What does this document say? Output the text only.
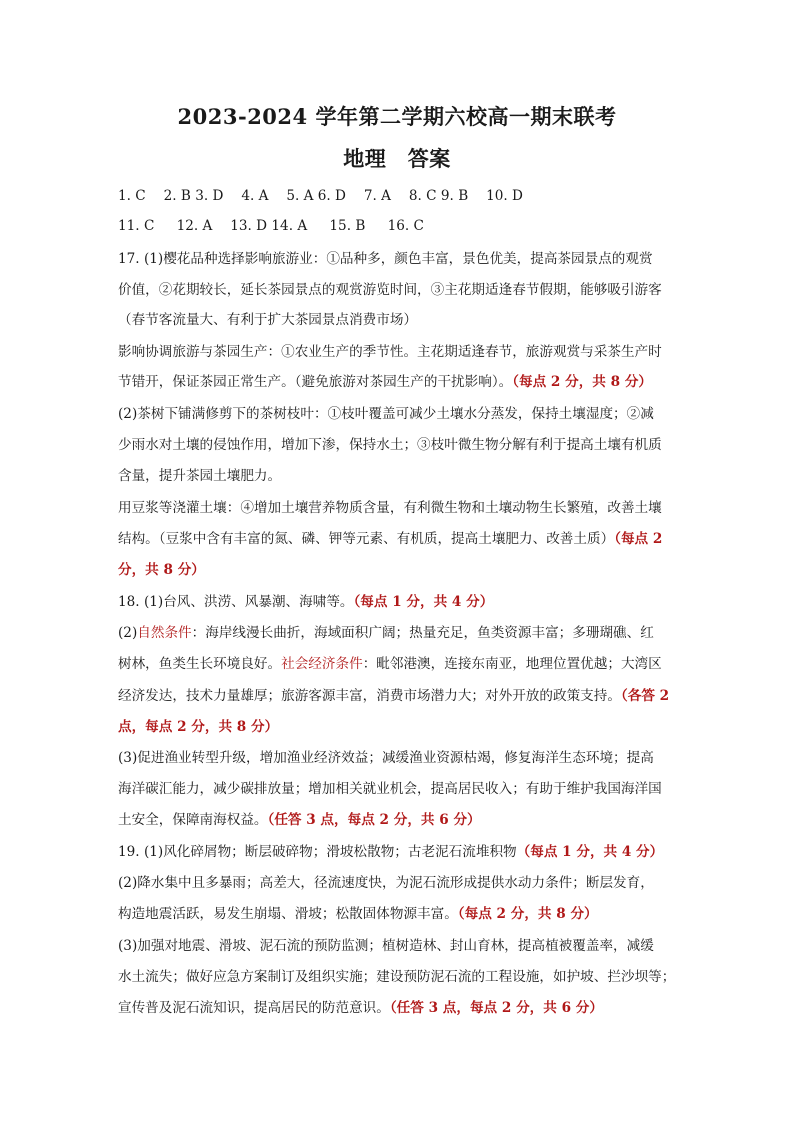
2023-2024 学年第二学期六校高一期末联考
地理　答案
1. C　 2. B 3. D 　4. A 　5. A 6. D 　7. A 　8. C 9. B 　10. D
11. C 　 12. A　 13. D 14. A 　 15. B 　 16. C
17. (1)樱花品种选择影响旅游业：①品种多，颜色丰富，景色优美，提高茶园景点的观赏
价值，②花期较长，延长茶园景点的观赏游览时间，③主花期适逢春节假期，能够吸引游客
（春节客流量大、有利于扩大茶园景点消费市场）
影响协调旅游与茶园生产：①农业生产的季节性。主花期适逢春节，旅游观赏与采茶生产时
节错开，保证茶园正常生产。（避免旅游对茶园生产的干扰影响）。（每点 2 分，共 8 分）
(2)茶树下铺满修剪下的茶树枝叶：①枝叶覆盖可减少土壤水分蒸发，保持土壤湿度；②减
少雨水对土壤的侵蚀作用，增加下渗，保持水土；③枝叶微生物分解有利于提高土壤有机质
含量，提升茶园土壤肥力。
用豆浆等浇灌土壤：④增加土壤营养物质含量，有利微生物和土壤动物生长繁殖，改善土壤
结构。（豆浆中含有丰富的氮、磷、钾等元素、有机质，提高土壤肥力、改善土质）（每点 2
分，共 8 分）
18. (1)台风、洪涝、风暴潮、海啸等。（每点 1 分，共 4 分）
(2)自然条件：海岸线漫长曲折，海域面积广阔；热量充足，鱼类资源丰富；多珊瑚礁、红
树林，鱼类生长环境良好。社会经济条件：毗邻港澳，连接东南亚，地理位置优越；大湾区
经济发达，技术力量雄厚；旅游客源丰富，消费市场潜力大；对外开放的政策支持。（各答 2
点，每点 2 分，共 8 分）
(3)促进渔业转型升级，增加渔业经济效益；减缓渔业资源枯竭，修复海洋生态环境；提高
海洋碳汇能力，减少碳排放量；增加相关就业机会，提高居民收入；有助于维护我国海洋国
土安全，保障南海权益。（任答 3 点，每点 2 分，共 6 分）
19. (1)风化碎屑物；断层破碎物；滑坡松散物；古老泥石流堆积物（每点 1 分，共 4 分）
(2)降水集中且多暴雨；高差大，径流速度快，为泥石流形成提供水动力条件；断层发育，
构造地震活跃，易发生崩塌、滑坡；松散固体物源丰富。（每点 2 分，共 8 分）
(3)加强对地震、滑坡、泥石流的预防监测；植树造林、封山育林，提高植被覆盖率，减缓
水土流失；做好应急方案制订及组织实施；建设预防泥石流的工程设施，如护坡、拦沙坝等；
宣传普及泥石流知识，提高居民的防范意识。（任答 3 点，每点 2 分，共 6 分）
